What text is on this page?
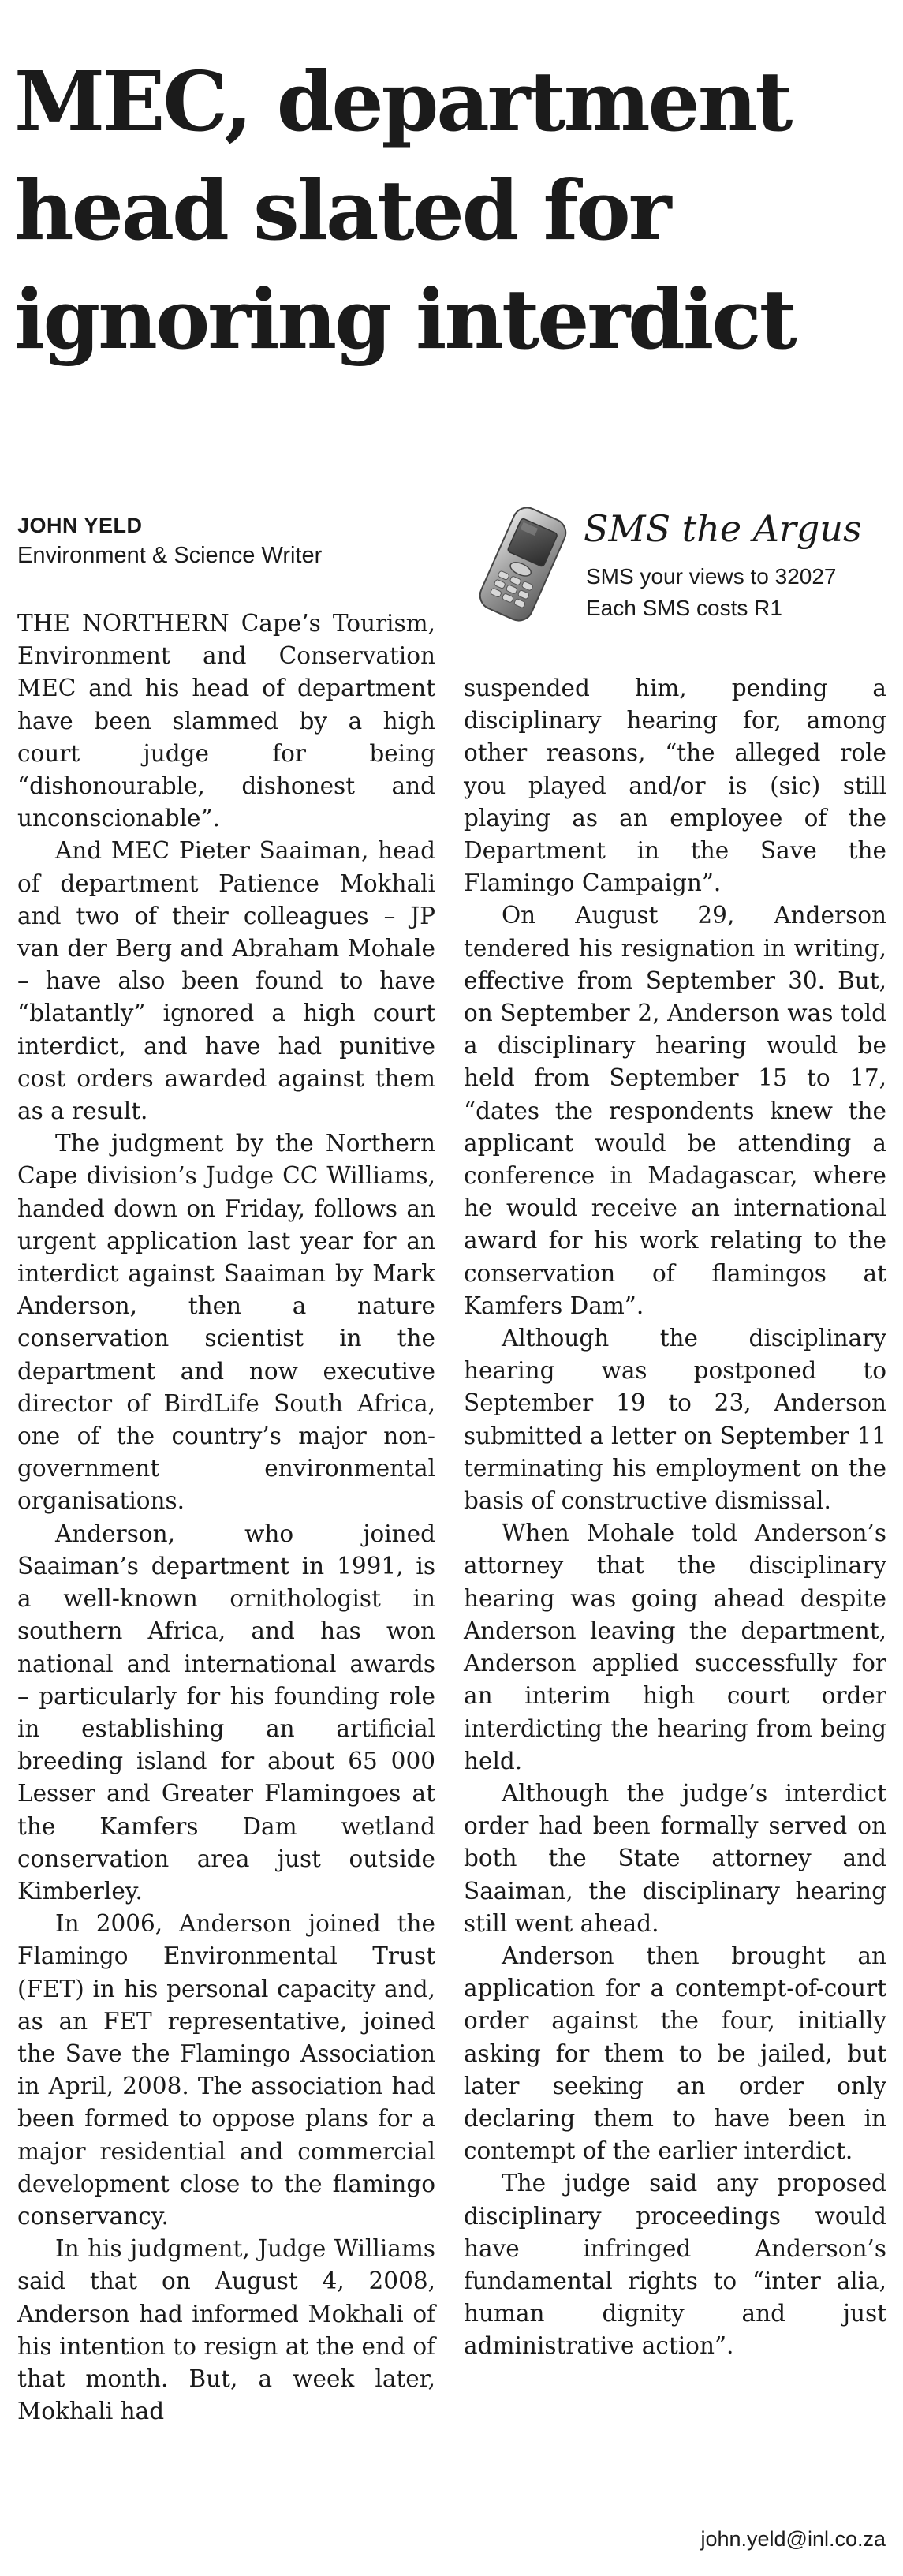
MEC, department head slated for ignoring interdict
JOHN YELD
Environment & Science Writer
SMS the Argus
SMS your views to 32027
Each SMS costs R1

THE NORTHERN Cape’s Tourism, Environment and Conservation MEC and his head of department have been slammed by a high court judge for being “dishonourable, dishonest and unconscionable”.

And MEC Pieter Saaiman, head of department Patience Mokhali and two of their colleagues – JP van der Berg and Abraham Mohale – have also been found to have “blatantly” ignored a high court interdict, and have had punitive cost orders awarded against them as a result.

The judgment by the Northern Cape division’s Judge CC Williams, handed down on Friday, follows an urgent application last year for an interdict against Saaiman by Mark Anderson, then a nature conservation scientist in the department and now executive director of BirdLife South Africa, one of the country’s major non-government environmental organisations.

Anderson, who joined Saaiman’s department in 1991, is a well-known ornithologist in southern Africa, and has won national and international awards – particularly for his founding role in establishing an artificial breeding island for about 65 000 Lesser and Greater Flamingoes at the Kamfers Dam wetland conservation area just outside Kimberley.

In 2006, Anderson joined the Flamingo Environmental Trust (FET) in his personal capacity and, as an FET representative, joined the Save the Flamingo Association in April, 2008. The association had been formed to oppose plans for a major residential and commercial development close to the flamingo conservancy.

In his judgment, Judge Williams said that on August 4, 2008, Anderson had informed Mokhali of his intention to resign at the end of that month. But, a week later, Mokhali had

suspended him, pending a disciplinary hearing for, among other reasons, “the alleged role you played and/or is (sic) still playing as an employee of the Department in the Save the Flamingo Campaign”.

On August 29, Anderson tendered his resignation in writing, effective from September 30. But, on September 2, Anderson was told a disciplinary hearing would be held from September 15 to 17, “dates the respondents knew the applicant would be attending a conference in Madagascar, where he would receive an international award for his work relating to the conservation of flamingos at Kamfers Dam”.

Although the disciplinary hearing was postponed to September 19 to 23, Anderson submitted a letter on September 11 terminating his employment on the basis of constructive dismissal.

When Mohale told Anderson’s attorney that the disciplinary hearing was going ahead despite Anderson leaving the department, Anderson applied successfully for an interim high court order interdicting the hearing from being held.

Although the judge’s interdict order had been formally served on both the State attorney and Saaiman, the disciplinary hearing still went ahead.

Anderson then brought an application for a contempt-of-court order against the four, initially asking for them to be jailed, but later seeking an order only declaring them to have been in contempt of the earlier interdict.

The judge said any proposed disciplinary proceedings would have infringed Anderson’s fundamental rights to “inter alia, human dignity and just administrative action”.

john.yeld@inl.co.za
